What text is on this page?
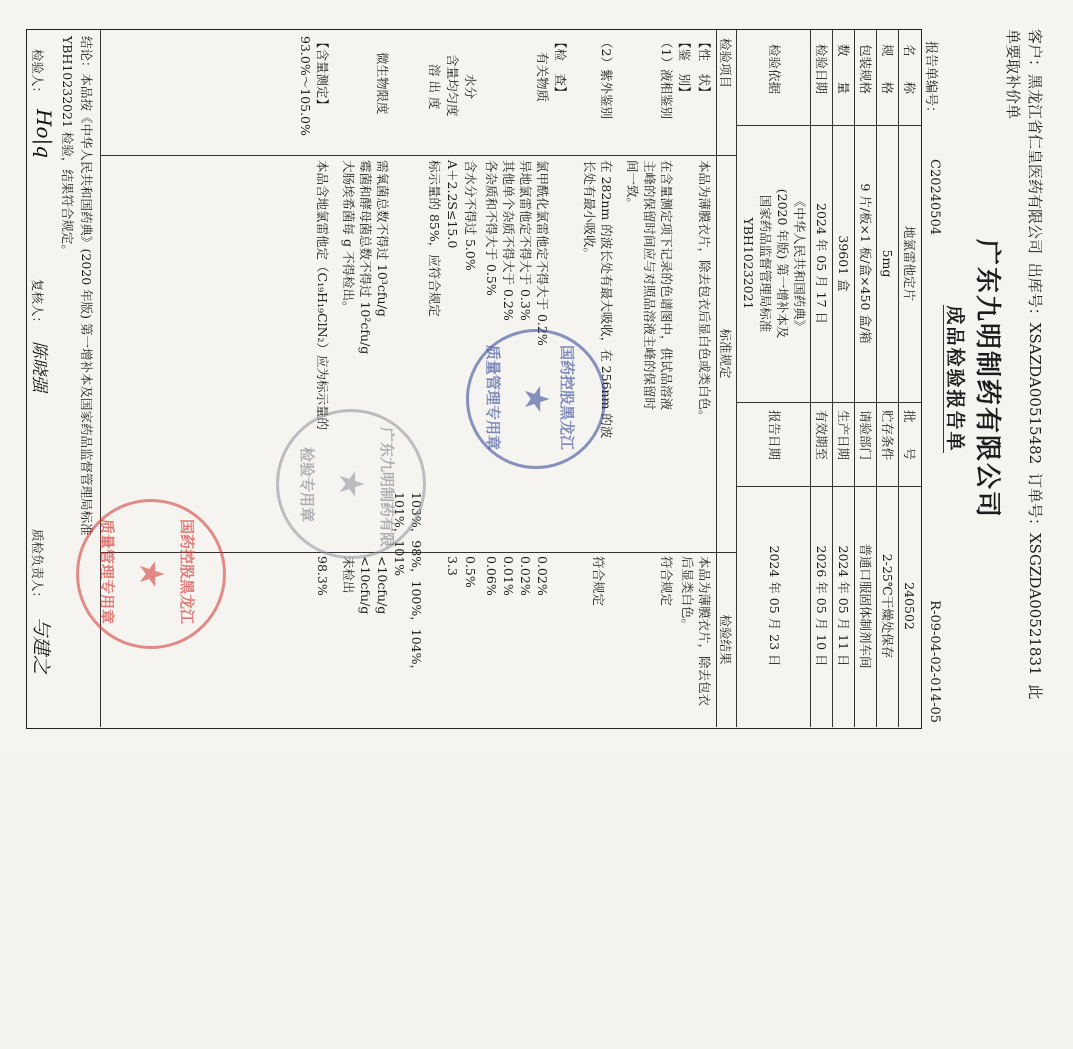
客户：黑龙江省仁皇医药有限公司 出库号：XSAZDA00515482 订单号：XSGZDA00521831 此
单要取补价单
广东九明制药有限公司
成品检验报告单
报告单编号：
C20240504
R-09-04-02-014-05
名　　称
地氯雷他定片
批　　号
240502
规　　格
5mg
贮存条件
2-25℃干燥处保存
包装规格
9 片/板×1 板/盒×450 盒/箱
请验部门
普通口服固体制剂车间
数　　量
39601 盒
生产日期
2024 年 05 月 11 日
检验日期
2024 年 05 月 17 日
有效期至
2026 年 05 月 10 日
检验依据
《中华人民共和国药典》
(2020 年版) 第一增补本及
国家药品监督管理局标准
YBH10232021
报告日期
2024 年 05 月 23 日
检验项目
标准规定
检验结果
【性　状】
本品为薄膜衣片，除去包衣后显白色或类白色。
本品为薄膜衣片，除去包衣
后显类白色。
【鉴　别】
（1）液相鉴别
在含量测定项下记录的色谱图中，供试品溶液
主峰的保留时间应与对照品溶液主峰的保留时
间一致。
符合规定
（2）紫外鉴别
在 282nm 的波长处有最大吸收，在 256nm 的波
长处有最小吸收。
符合规定
【检　查】
有关物质
氯甲酰化氯雷他定不得大于 0.2%
异地氯雷他定不得大于 0.3%
其他单个杂质不得大于 0.2%
各杂质和不得大于 0.5%
0.02%
0.02%
0.01%
0.06%
水分
含水分不得过 5.0%
0.5%
含量均匀度
A＋2.2S≤15.0
3.3
溶 出 度
标示量的 85%，应符合规定
103%，98%，100%，104%，101%，101%
微生物限度
需氧菌总数不得过 10³cfu/g
霉菌和酵母菌总数不得过 10²cfu/g
大肠埃希菌每 g 不得检出。
<10cfu/g
<10cfu/g
未检出
【含量测定】
本品含地氯雷他定（C₁₉H₁₉ClN₂）应为标示量的
93.0%～105.0%
98.3%
结论：本品按《中华人民共和国药典》(2020 年版) 第一增补本及国家药品监督管理局标准
YBH10232021 检验，结果符合规定。
检验人：
Ho|q
复核人：
陈晓强
质检负责人：
与建之
★ 国药控股黑龙江
质量管理专用章
★ 广东九明制药有限
检验专用章
★ 国药控股黑龙江
质量管理专用章
